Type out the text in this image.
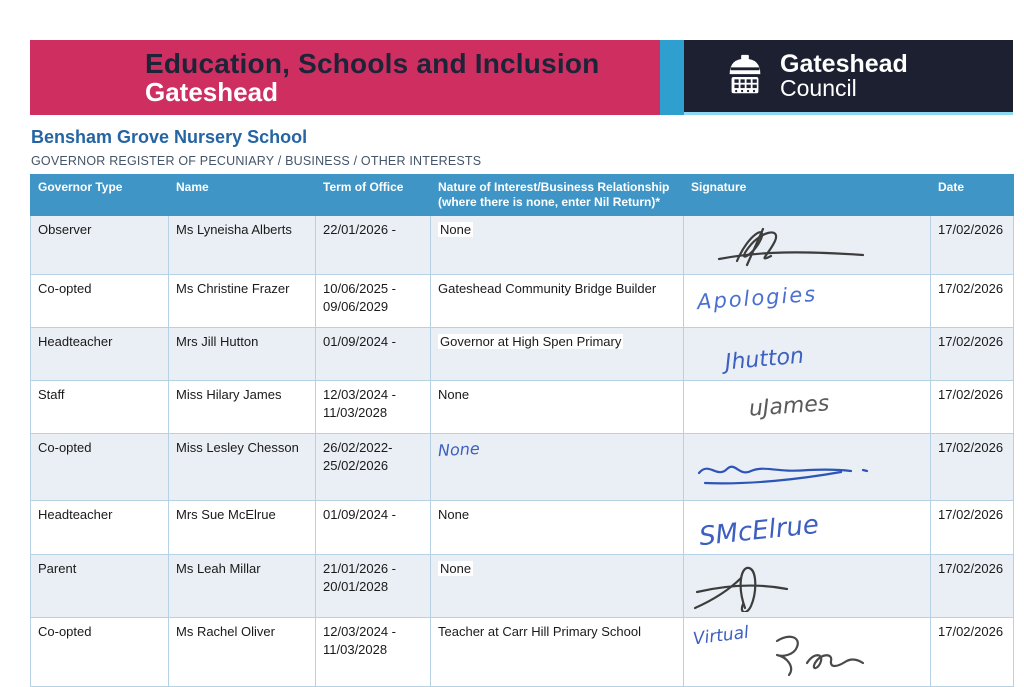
Education, Schools and Inclusion
Gateshead
Gateshead
Council
Bensham Grove Nursery School
GOVERNOR REGISTER OF PECUNIARY / BUSINESS / OTHER INTERESTS
Governor Type	Name	Term of Office	Nature of Interest/Business Relationship
(where there is none, enter Nil Return)*	Signature	Date
Observer	Ms Lyneisha Alberts	22/01/2026 -	None		17/02/2026
Co-opted	Ms Christine Frazer	10/06/2025 - 09/06/2029	Gateshead Community Bridge Builder	Apologies	17/02/2026
Headteacher	Mrs Jill Hutton	01/09/2024 -	Governor at High Spen Primary	Jhutton	17/02/2026
Staff	Miss Hilary James	12/03/2024 - 11/03/2028	None	uJames	17/02/2026
Co-opted	Miss Lesley Chesson	26/02/2022- 25/02/2026	None		17/02/2026
Headteacher	Mrs Sue McElrue	01/09/2024 -	None	SMcElrue	17/02/2026
Parent	Ms Leah Millar	21/01/2026 - 20/01/2028	None		17/02/2026
Co-opted	Ms Rachel Oliver	12/03/2024 - 11/03/2028	Teacher at Carr Hill Primary School	Virtual	17/02/2026
